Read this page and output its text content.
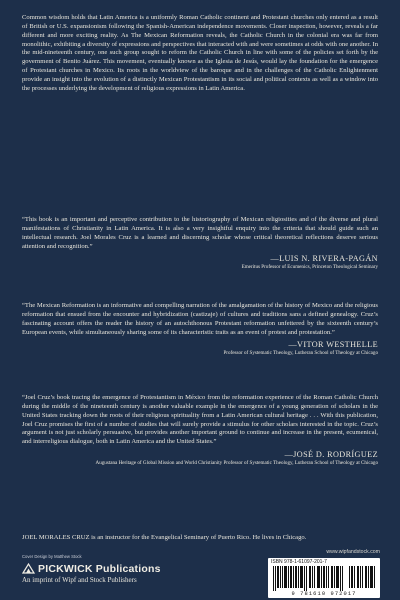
Common wisdom holds that Latin America is a uniformly Roman Catholic continent and Protestant churches only entered as a result of British or U.S. expansionism following the Spanish-American independence movements. Closer inspection, however, reveals a far different and more exciting reality. As The Mexican Reformation reveals, the Catholic Church in the colonial era was far from monolithic, exhibiting a diversity of expressions and perspectives that interacted with and were sometimes at odds with one another. In the mid-nineteenth century, one such group sought to reform the Catholic Church in line with some of the policies set forth by the government of Benito Juárez. This movement, eventually known as the Iglesia de Jesús, would lay the foundation for the emergence of Protestant churches in Mexico. Its roots in the worldview of the baroque and in the challenges of the Catholic Enlightenment provide an insight into the evolution of a distinctly Mexican Protestantism in its social and political contexts as well as a window into the processes underlying the development of religious expressions in Latin America.

“This book is an important and perceptive contribution to the historiography of Mexican religiosities and of the diverse and plural manifestations of Christianity in Latin America. It is also a very insightful enquiry into the criteria that should guide such an intellectual research. Joel Morales Cruz is a learned and discerning scholar whose critical theoretical reflections deserve serious attention and recognition.”

—LUIS N. RIVERA-PAGÁN
Emeritus Professor of Ecumenics, Princeton Theological Seminary

“The Mexican Reformation is an informative and compelling narration of the amalgamation of the history of Mexico and the religious reformation that ensued from the encounter and hybridization (castizaje) of cultures and traditions sans a defined genealogy. Cruz’s fascinating account offers the reader the history of an autochthonous Protestant reformation unfettered by the sixteenth century’s European events, while simultaneously sharing some of its characteristic traits as an event of protest and protestation.”

—VITOR WESTHELLE
Professor of Systematic Theology, Lutheran School of Theology at Chicago

“Joel Cruz’s book tracing the emergence of Protestantism in México from the reformation experience of the Roman Catholic Church during the middle of the nineteenth century is another valuable example in the emergence of a young generation of scholars in the United States tracking down the roots of their religious spirituality from a Latin American cultural heritage . . . With this publication, Joel Cruz promises the first of a number of studies that will surely provide a stimulus for other scholars interested in the topic. Cruz’s argument is not just scholarly persuasive, but provides another important ground to continue and increase in the present, ecumenical, and interreligious dialogue, both in Latin America and the United States.”

—JOSÉ D. RODRÍGUEZ
Augustana Heritage of Global Mission and World Christianity Professor of Systematic Theology, Lutheran School of Theology at Chicago
JOEL MORALES CRUZ is an instructor for the Evangelical Seminary of Puerto Rico. He lives in Chicago.
Cover Design by Matthew Stock
PICKWICK Publications
An imprint of Wipf and Stock Publishers
www.wipfandstock.com
ISBN 978-1-61097-201-7
9 781610 972017
